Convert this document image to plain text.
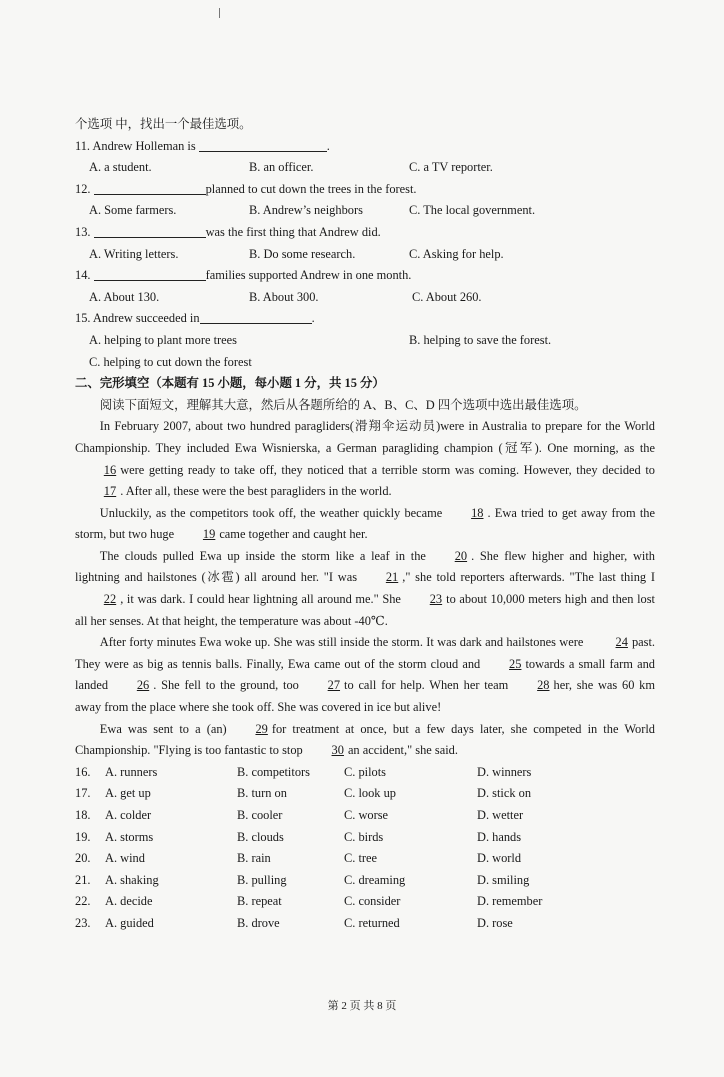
个选项 中，找出一个最佳选项。
11. Andrew Holleman is	.
A. a student.	B. an officer.	C. a TV reporter.
12.	planned to cut down the trees in the forest.
A. Some farmers.	B. Andrew’s neighbors	C. The local government.
13.	was the first thing that Andrew did.
A. Writing letters.	B. Do some research.	C. Asking for help.
14.	families supported Andrew in one month.
A. About 130.	B. About 300.	C. About 260.
15. Andrew succeeded in	.
A. helping to plant more trees	B. helping to save the forest.
C. helping to cut down the forest
二、完形填空（本题有 15 小题，每小题 1 分，共 15 分）
阅读下面短文，理解其大意，然后从各题所给的 A、B、C、D 四个选项中选出最佳选项。
In February 2007, about two hundred paragliders(滑翔伞运动员)were in Australia to prepare for the World Championship. They included Ewa Wisnierska, a German paragliding champion (冠军). One morning, as the16 were getting ready to take off, they noticed that a terrible storm was coming. However, they decided to17 . After all, these were the best paragliders in the world.
Unluckily, as the competitors took off, the weather quickly became 18 . Ewa tried to get away from the storm, but two huge 19 came together and caught her.
The clouds pulled Ewa up inside the storm like a leaf in the 20 . She flew higher and higher, with lightning and hailstones (冰雹) all around her. "I was 21 ," she told reporters afterwards. "The last thing I22 , it was dark. I could hear lightning all around me." She 23 to about 10,000 meters high and then lost all her senses. At that height, the temperature was about -40℃.
After forty minutes Ewa woke up. She was still inside the storm. It was dark and hailstones were	24 past. They were as big as tennis balls. Finally, Ewa came out of the storm cloud and 25 towards a small farm and landed 26 . She fell to the ground, too 27 to call for help. When her team 28 her, she was 60 km away from the place where she took off. She was covered in ice but alive!
Ewa was sent to a (an) 29 for treatment at once, but a few days later, she competed in the World Championship. "Flying is too fantastic to stop 30 an accident," she said.
16. A. runners	B. competitors	C. pilots	D. winners
17. A. get up	B. turn on	C. look up	D. stick on
18. A. colder	B. cooler	C. worse	D. wetter
19. A. storms	B. clouds	C. birds	D. hands
20. A. wind	B. rain	C. tree	D. world
21. A. shaking	B. pulling	C. dreaming	D. smiling
22. A. decide	B. repeat	C. consider	D. remember
23. A. guided	B. drove	C. returned	D. rose
第 2 页 共 8 页
